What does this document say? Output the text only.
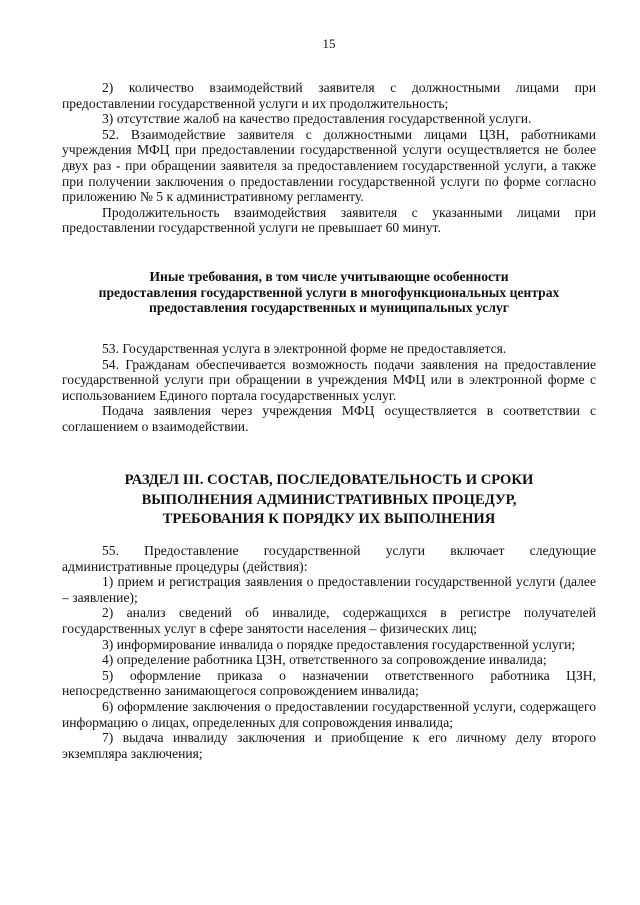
15

2) количество взаимодействий заявителя с должностными лицами при предоставлении государственной услуги и их продолжительность;

3) отсутствие жалоб на качество предоставления государственной услуги.

52. Взаимодействие заявителя с должностными лицами ЦЗН, работниками учреждения МФЦ при предоставлении государственной услуги осуществляется не более двух раз - при обращении заявителя за предоставлением государственной услуги, а также при получении заключения о предоставлении государственной услуги по форме согласно приложению № 5 к административному регламенту.

Продолжительность взаимодействия заявителя с указанными лицами при предоставлении государственной услуги не превышает 60 минут.

Иные требования, в том числе учитывающие особенности
предоставления государственной услуги в многофункциональных центрах
предоставления государственных и муниципальных услуг

53. Государственная услуга в электронной форме не предоставляется.

54. Гражданам обеспечивается возможность подачи заявления на предоставление государственной услуги при обращении в учреждения МФЦ или в электронной форме с использованием Единого портала государственных услуг.

Подача заявления через учреждения МФЦ осуществляется в соответствии с соглашением о взаимодействии.

РАЗДЕЛ III. СОСТАВ, ПОСЛЕДОВАТЕЛЬНОСТЬ И СРОКИ
ВЫПОЛНЕНИЯ АДМИНИСТРАТИВНЫХ ПРОЦЕДУР,
ТРЕБОВАНИЯ К ПОРЯДКУ ИХ ВЫПОЛНЕНИЯ

55. Предоставление государственной услуги включает следующие административные процедуры (действия):

1) прием и регистрация заявления о предоставлении государственной услуги (далее – заявление);

2) анализ сведений об инвалиде, содержащихся в регистре получателей государственных услуг в сфере занятости населения – физических лиц;

3) информирование инвалида о порядке предоставления государственной услуги;

4) определение работника ЦЗН, ответственного за сопровождение инвалида;

5) оформление приказа о назначении ответственного работника ЦЗН, непосредственно занимающегося сопровождением инвалида;

6) оформление заключения о предоставлении государственной услуги, содержащего информацию о лицах, определенных для сопровождения инвалида;

7) выдача инвалиду заключения и приобщение к его личному делу второго экземпляра заключения;
